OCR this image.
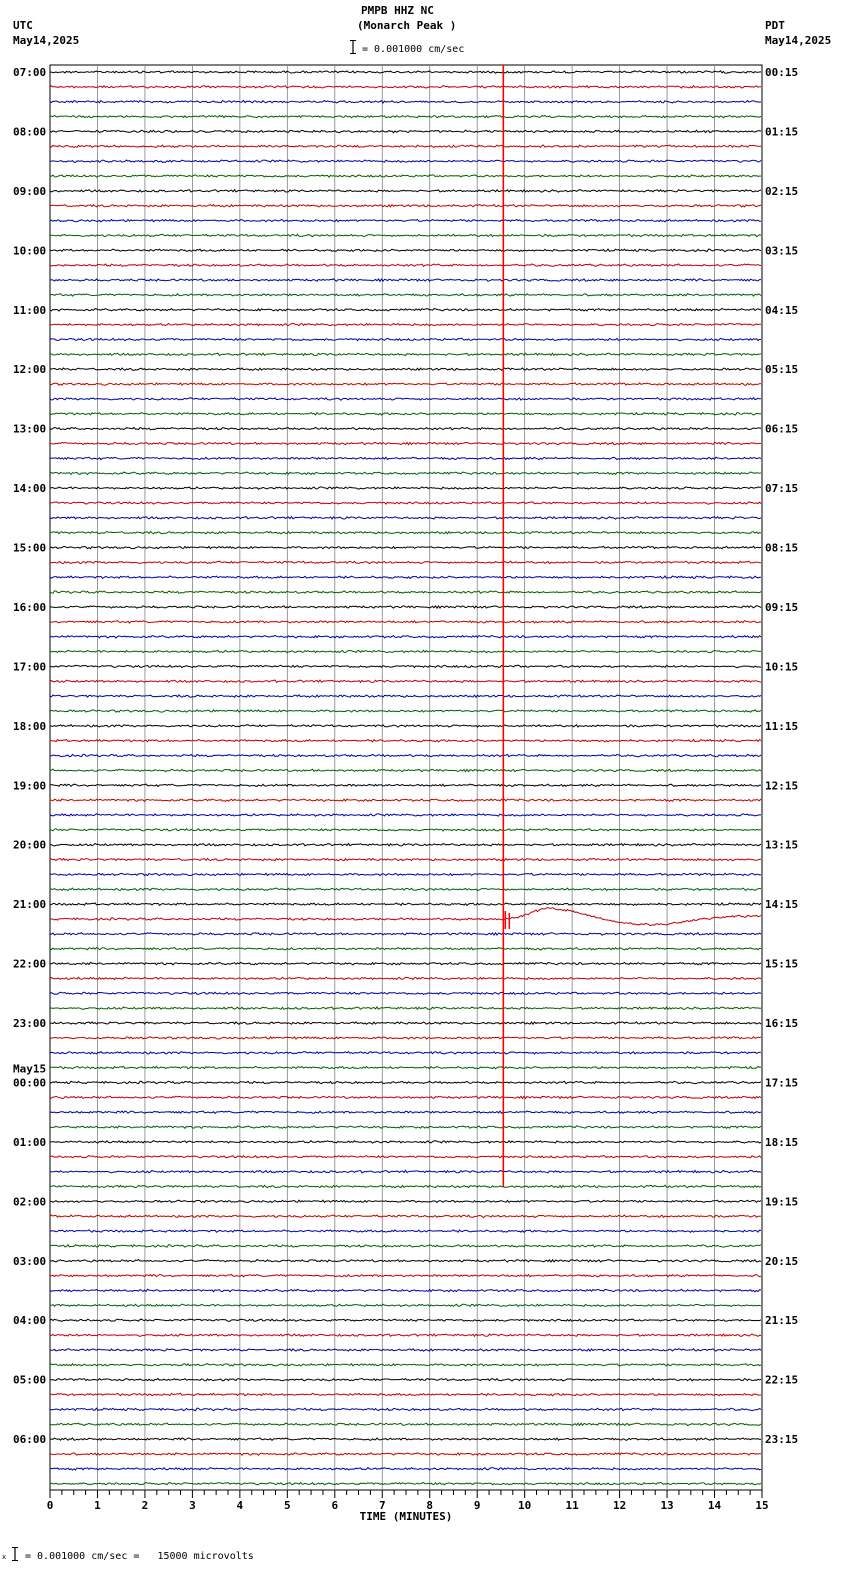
PMPB HHZ NC
(Monarch Peak )
UTC
May14,2025
PDT
May14,2025
= 0.001000 cm/sec
07:00	00:15
08:00	01:15
09:00	02:15
10:00	03:15
11:00	04:15
12:00	05:15
13:00	06:15
14:00	07:15
15:00	08:15
16:00	09:15
17:00	10:15
18:00	11:15
19:00	12:15
20:00	13:15
21:00	14:15
22:00	15:15
23:00	16:15
00:00	17:15
01:00	18:15
02:00	19:15
03:00	20:15
04:00	21:15
05:00	22:15
06:00	23:15
May15
0	1	2	3	4	5	6	7	8	9	10	11	12	13	14	15
TIME (MINUTES)
x = 0.001000 cm/sec =   15000 microvolts
